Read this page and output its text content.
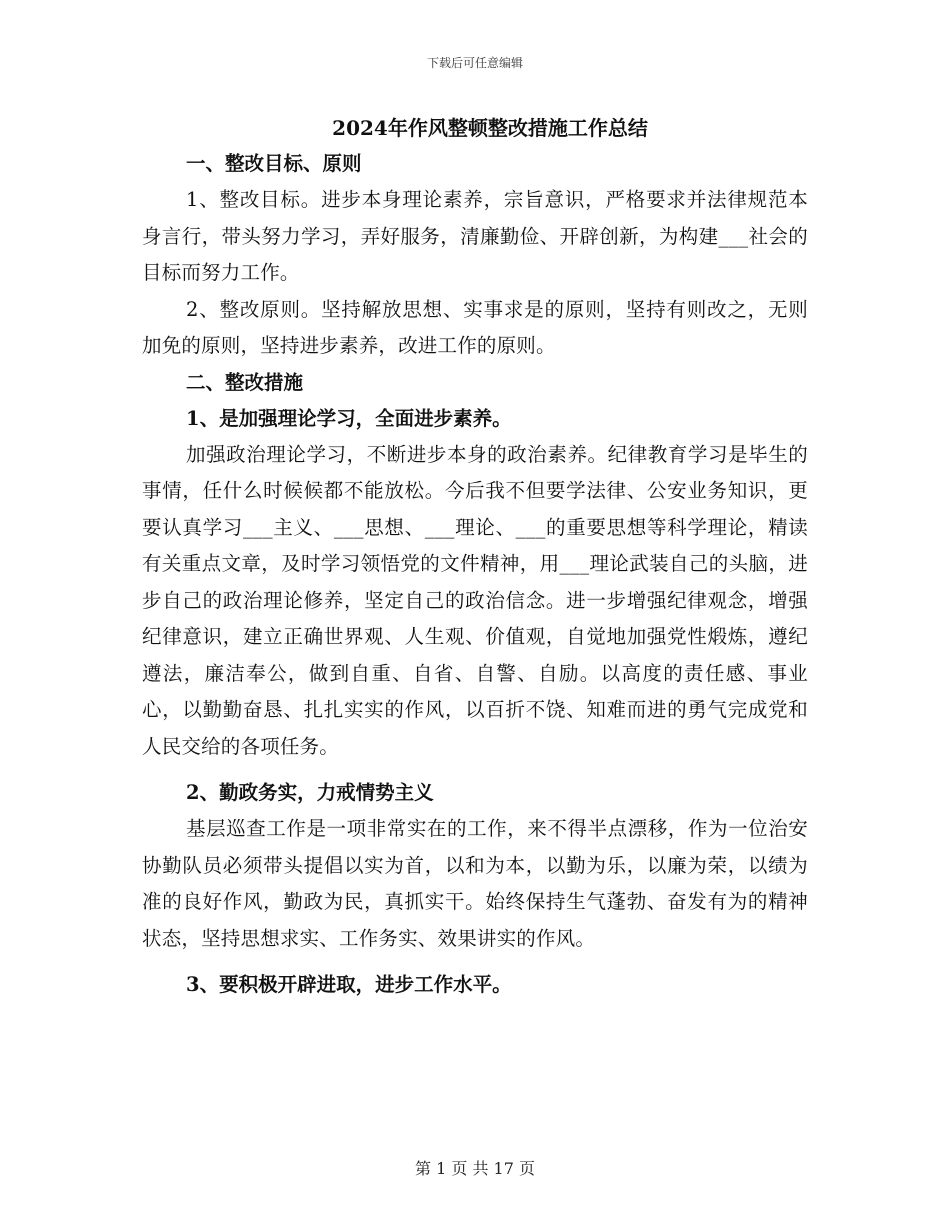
下载后可任意编辑
2024年作风整顿整改措施工作总结
一、整改目标、原则

1、整改目标。进步本身理论素养，宗旨意识，严格要求并法律规范本身言行，带头努力学习，弄好服务，清廉勤俭、开辟创新，为构建___社会的目标而努力工作。

2、整改原则。坚持解放思想、实事求是的原则，坚持有则改之，无则加免的原则，坚持进步素养，改进工作的原则。

二、整改措施
1、是加强理论学习，全面进步素养。

加强政治理论学习，不断进步本身的政治素养。纪律教育学习是毕生的事情，任什么时候候都不能放松。今后我不但要学法律、公安业务知识，更要认真学习___主义、___思想、___理论、___的重要思想等科学理论，精读有关重点文章，及时学习领悟党的文件精神，用___理论武装自己的头脑，进步自己的政治理论修养，坚定自己的政治信念。进一步增强纪律观念，增强纪律意识，建立正确世界观、人生观、价值观，自觉地加强党性煅炼，遵纪遵法，廉洁奉公，做到自重、自省、自警、自励。以高度的责任感、事业心，以勤勤奋恳、扎扎实实的作风，以百折不饶、知难而进的勇气完成党和人民交给的各项任务。

2、勤政务实，力戒情势主义

基层巡查工作是一项非常实在的工作，来不得半点漂移，作为一位治安协勤队员必须带头提倡以实为首，以和为本，以勤为乐，以廉为荣，以绩为准的良好作风，勤政为民，真抓实干。始终保持生气蓬勃、奋发有为的精神状态，坚持思想求实、工作务实、效果讲实的作风。

3、要积极开辟进取，进步工作水平。
第 1 页 共 17 页
